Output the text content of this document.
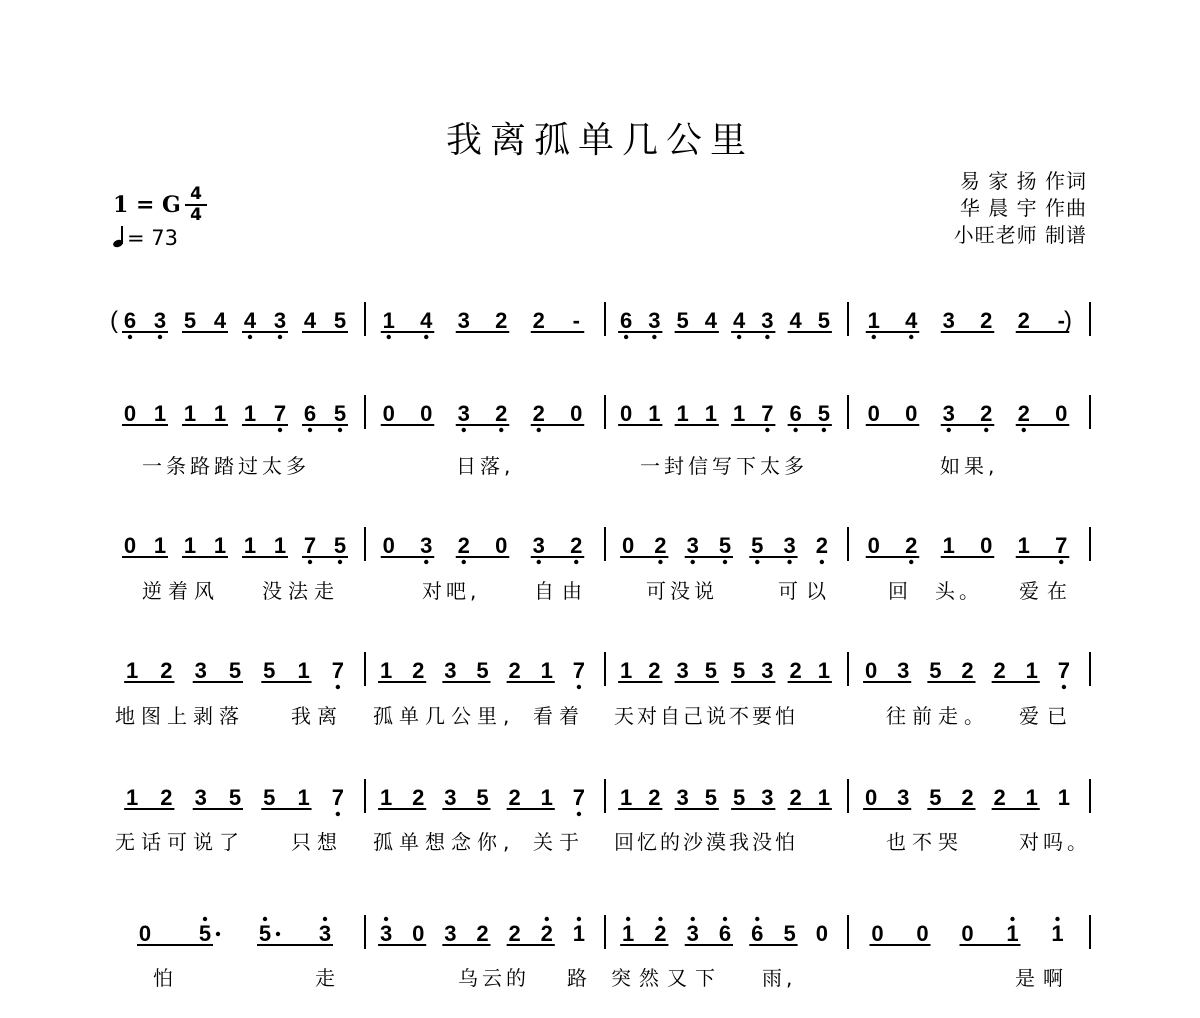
我离孤单几公里
易 家 扬 作词
华 晨 宇 作曲
小旺老师 制谱
1 = G 4
4
= 73
6 3 5 4 4 3 4 5 1 4 3 2 2 - 6 3 5 4 4 3 4 5 1 4 3 2 2 -
(	)
0 1 1 1 1 7 6 5 0 0 3 2 2 0 0 1 1 1 1 7 6 5 0 0 3 2 2 0
0 1 1 1 1 1 7 5 0 3 2 0 3 2 0 2 3 5 5 3 2 0 2 1 0 1 7
1 2 3 5 5 1 7 1 2 3 5 2 1 7 1 2 3 5 5 3 2 1 0 3 5 2 2 1 7
1 2 3 5 5 1 7 1 2 3 5 2 1 7 1 2 3 5 5 3 2 1 0 3 5 2 2 1 1
0 5 5 3 3 0 3 2 2 2 1 1 2 3 6 6 5 0 0 0 0 1 1
一条路踏过太多	日落,	一封信写下太多	如果,
逆着风 没法走	对吧,	自由	可没说	可以	回 头。 爱在
地图上剥落 我离 孤单几公里, 看着 天对自己说不要怕	往前走。 爱已
无话可说了 只想 孤单想念你, 关于 回忆的沙漠我没怕	也不哭	对吗。
怕	走	乌云的 路 突然又下 雨,	是啊
